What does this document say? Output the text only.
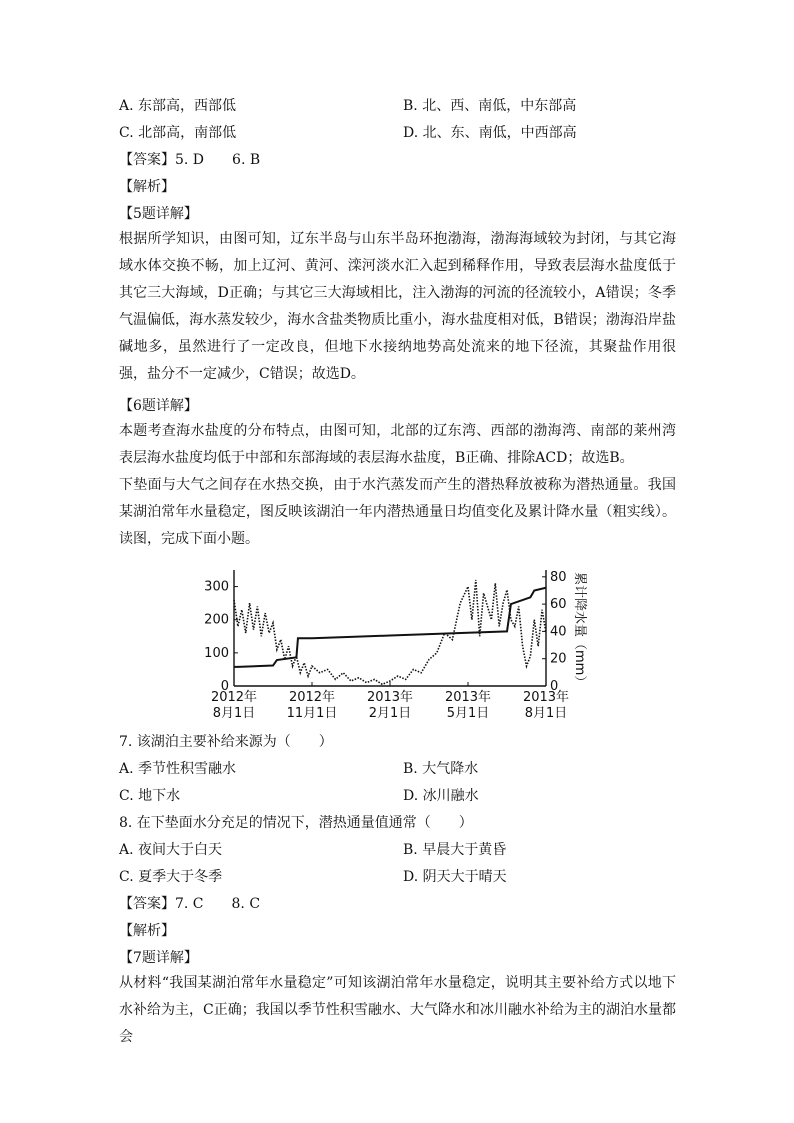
A. 东部高，西部低	B. 北、西、南低，中东部高
C. 北部高，南部低	D. 北、东、南低，中西部高
【答案】5. D　　6. B
【解析】
【5题详解】

根据所学知识，由图可知，辽东半岛与山东半岛环抱渤海，渤海海域较为封闭，与其它海域水体交换不畅，加上辽河、黄河、滦河淡水汇入起到稀释作用，导致表层海水盐度低于其它三大海域，D正确；与其它三大海域相比，注入渤海的河流的径流较小，A错误；冬季气温偏低，海水蒸发较少，海水含盐类物质比重小，海水盐度相对低，B错误；渤海沿岸盐碱地多，虽然进行了一定改良，但地下水接纳地势高处流来的地下径流，其聚盐作用很强，盐分不一定减少，C错误；故选D。

【6题详解】

本题考查海水盐度的分布特点，由图可知，北部的辽东湾、西部的渤海湾、南部的莱州湾表层海水盐度均低于中部和东部海域的表层海水盐度，B正确、排除ACD；故选B。

下垫面与大气之间存在水热交换，由于水汽蒸发而产生的潜热释放被称为潜热通量。我国某湖泊常年水量稳定，图反映该湖泊一年内潜热通量日均值变化及累计降水量（粗实线）。读图，完成下面小题。

0
100
200
300
0
20
40
60
80
2012年
8月1日
2012年
11月1日
2013年
2月1日
2013年
5月1日
2013年
8月1日
累计降水量（mm）
7. 该湖泊主要补给来源为（　　）
A. 季节性积雪融水	B. 大气降水
C. 地下水	D. 冰川融水
8. 在下垫面水分充足的情况下，潜热通量值通常（　　）
A. 夜间大于白天	B. 早晨大于黄昏
C. 夏季大于冬季	D. 阴天大于晴天
【答案】7. C　　8. C
【解析】
【7题详解】

从材料“我国某湖泊常年水量稳定”可知该湖泊常年水量稳定，说明其主要补给方式以地下水补给为主，C正确；我国以季节性积雪融水、大气降水和冰川融水补给为主的湖泊水量都会
